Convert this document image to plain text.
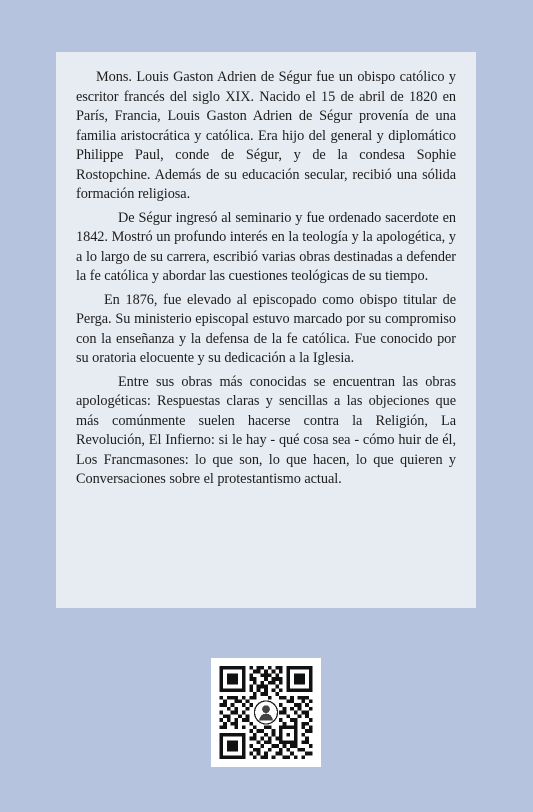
Mons. Louis Gaston Adrien de Ségur fue un obispo católico y escritor francés del siglo XIX. Nacido el 15 de abril de 1820 en París, Francia, Louis Gaston Adrien de Ségur provenía de una familia aristocrática y católica. Era hijo del general y diplomático Philippe Paul, conde de Ségur, y de la condesa Sophie Rostopchine. Además de su educación secular, recibió una sólida formación religiosa.

De Ségur ingresó al seminario y fue ordenado sacerdote en 1842. Mostró un profundo interés en la teología y la apologética, y a lo largo de su carrera, escribió varias obras destinadas a defender la fe católica y abordar las cuestiones teológicas de su tiempo.

En 1876, fue elevado al episcopado como obispo titular de Perga. Su ministerio episcopal estuvo marcado por su compromiso con la enseñanza y la defensa de la fe católica. Fue conocido por su oratoria elocuente y su dedicación a la Iglesia.

Entre sus obras más conocidas se encuentran las obras apologéticas: Respuestas claras y sencillas a las objeciones que más comúnmente suelen hacerse contra la Religión, La Revolución, El Infierno: si le hay - qué cosa sea - cómo huir de él, Los Francmasones: lo que son, lo que hacen, lo que quieren y Conversaciones sobre el protestantismo actual.
